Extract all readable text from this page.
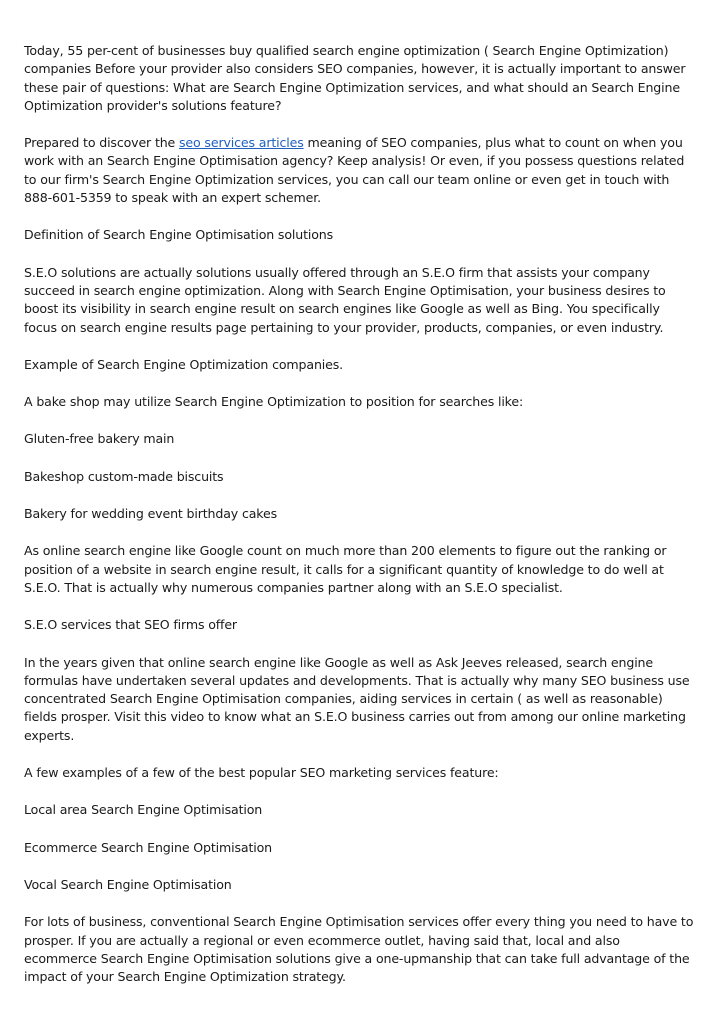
Today, 55 per-cent of businesses buy qualified search engine optimization ( Search Engine Optimization) companies Before your provider also considers SEO companies, however, it is actually important to answer these pair of questions: What are Search Engine Optimization services, and what should an Search Engine Optimization provider's solutions feature?

Prepared to discover the seo services articles meaning of SEO companies, plus what to count on when you work with an Search Engine Optimisation agency? Keep analysis! Or even, if you possess questions related to our firm's Search Engine Optimization services, you can call our team online or even get in touch with 888-601-5359 to speak with an expert schemer.

Definition of Search Engine Optimisation solutions

S.E.O solutions are actually solutions usually offered through an S.E.O firm that assists your company succeed in search engine optimization. Along with Search Engine Optimisation, your business desires to boost its visibility in search engine result on search engines like Google as well as Bing. You specifically focus on search engine results page pertaining to your provider, products, companies, or even industry.

Example of Search Engine Optimization companies.

A bake shop may utilize Search Engine Optimization to position for searches like:

Gluten-free bakery main

Bakeshop custom-made biscuits

Bakery for wedding event birthday cakes

As online search engine like Google count on much more than 200 elements to figure out the ranking or position of a website in search engine result, it calls for a significant quantity of knowledge to do well at S.E.O. That is actually why numerous companies partner along with an S.E.O specialist.

S.E.O services that SEO firms offer

In the years given that online search engine like Google as well as Ask Jeeves released, search engine formulas have undertaken several updates and developments. That is actually why many SEO business use concentrated Search Engine Optimisation companies, aiding services in certain ( as well as reasonable) fields prosper. Visit this video to know what an S.E.O business carries out from among our online marketing experts.

A few examples of a few of the best popular SEO marketing services feature:

Local area Search Engine Optimisation

Ecommerce Search Engine Optimisation

Vocal Search Engine Optimisation

For lots of business, conventional Search Engine Optimisation services offer every thing you need to have to prosper. If you are actually a regional or even ecommerce outlet, having said that, local and also ecommerce Search Engine Optimisation solutions give a one-upmanship that can take full advantage of the impact of your Search Engine Optimization strategy.
